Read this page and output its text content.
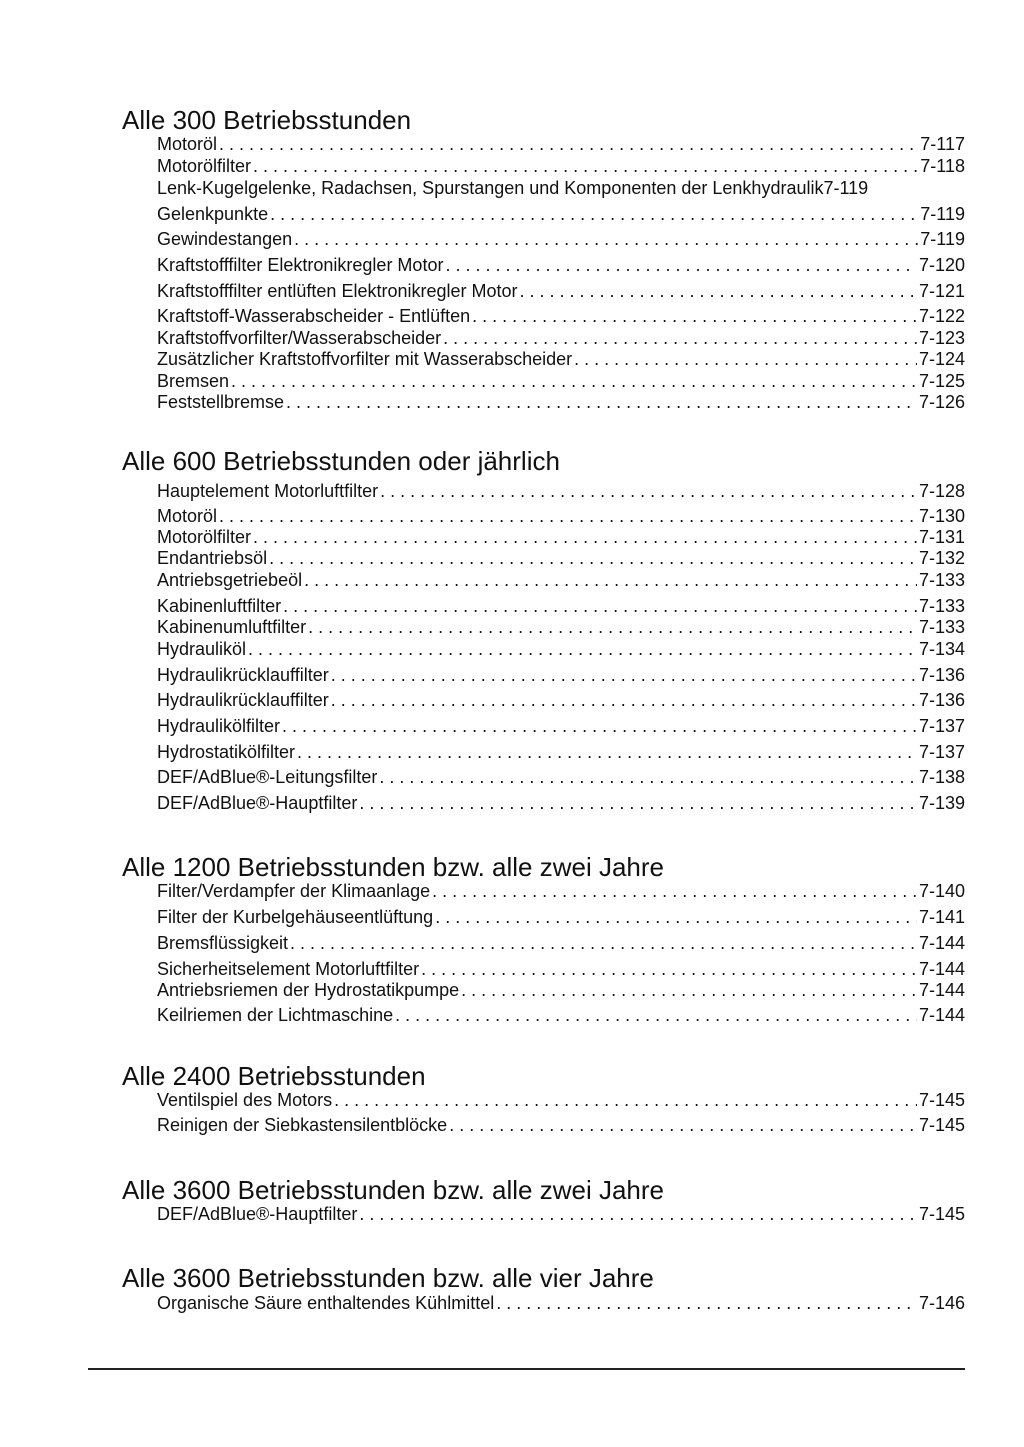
Alle 300 Betriebsstunden
Motoröl . . .	7-117
Motorölfilter . . .	7-118
Lenk-Kugelgelenke, Radachsen, Spurstangen und Komponenten der Lenkhydraulik 7-119
Gelenkpunkte . . .	7-119
Gewindestangen . . .	7-119
Kraftstofffilter Elektronikregler Motor . . .	7-120
Kraftstofffilter entlüften Elektronikregler Motor . . .	7-121
Kraftstoff-Wasserabscheider - Entlüften . . .	7-122
Kraftstoffvorfilter/Wasserabscheider . . .	7-123
Zusätzlicher Kraftstoffvorfilter mit Wasserabscheider . . .	7-124
Bremsen . . .	7-125
Feststellbremse . . .	7-126
Alle 600 Betriebsstunden oder jährlich
Hauptelement Motorluftfilter . . .	7-128
Motoröl . . .	7-130
Motorölfilter . . .	7-131
Endantriebsöl . . .	7-132
Antriebsgetriebeöl . . .	7-133
Kabinenluftfilter . . .	7-133
Kabinenumluftfilter . . .	7-133
Hydrauliköl . . .	7-134
Hydraulikrücklauffilter . . .	7-136
Hydraulikrücklauffilter . . .	7-136
Hydraulikölfilter . . .	7-137
Hydrostatikölfilter . . .	7-137
DEF/AdBlue®-Leitungsfilter . . .	7-138
DEF/AdBlue®-Hauptfilter . . .	7-139
Alle 1200 Betriebsstunden bzw. alle zwei Jahre
Filter/Verdampfer der Klimaanlage . . .	7-140
Filter der Kurbelgehäuseentlüftung . . .	7-141
Bremsflüssigkeit . . .	7-144
Sicherheitselement Motorluftfilter . . .	7-144
Antriebsriemen der Hydrostatikpumpe . . .	7-144
Keilriemen der Lichtmaschine . . .	7-144
Alle 2400 Betriebsstunden
Ventilspiel des Motors . . .	7-145
Reinigen der Siebkastensilentblöcke . . .	7-145
Alle 3600 Betriebsstunden bzw. alle zwei Jahre
DEF/AdBlue®-Hauptfilter . . .	7-145
Alle 3600 Betriebsstunden bzw. alle vier Jahre
Organische Säure enthaltendes Kühlmittel . . .	7-146
